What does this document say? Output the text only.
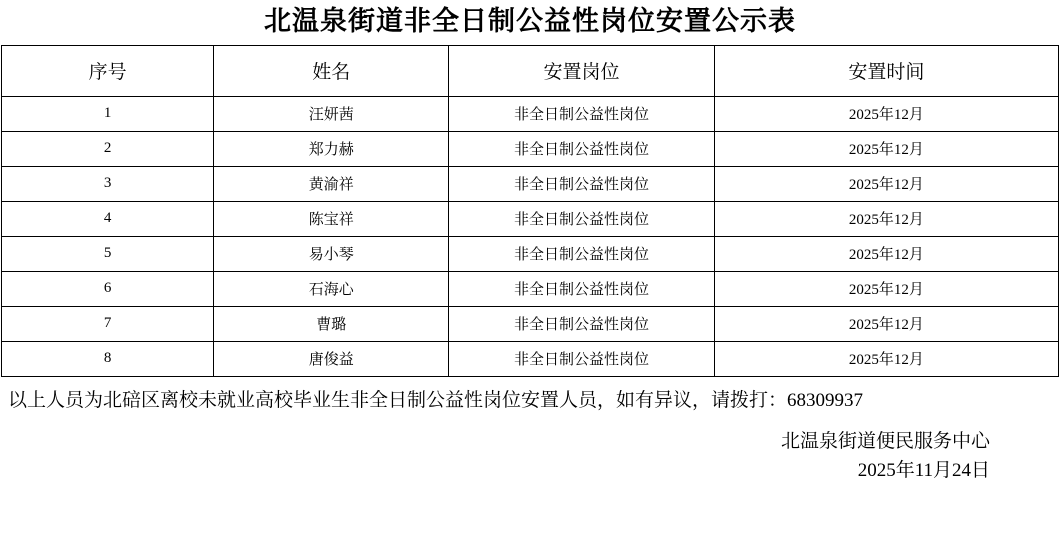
北温泉街道非全日制公益性岗位安置公示表
序号	姓名	安置岗位	安置时间
1	汪妍茜	非全日制公益性岗位	2025年12月
2	郑力赫	非全日制公益性岗位	2025年12月
3	黄渝祥	非全日制公益性岗位	2025年12月
4	陈宝祥	非全日制公益性岗位	2025年12月
5	易小琴	非全日制公益性岗位	2025年12月
6	石海心	非全日制公益性岗位	2025年12月
7	曹璐	非全日制公益性岗位	2025年12月
8	唐俊益	非全日制公益性岗位	2025年12月
以上人员为北碚区离校未就业高校毕业生非全日制公益性岗位安置人员，如有异议，请拨打：68309937
北温泉街道便民服务中心
2025年11月24日
